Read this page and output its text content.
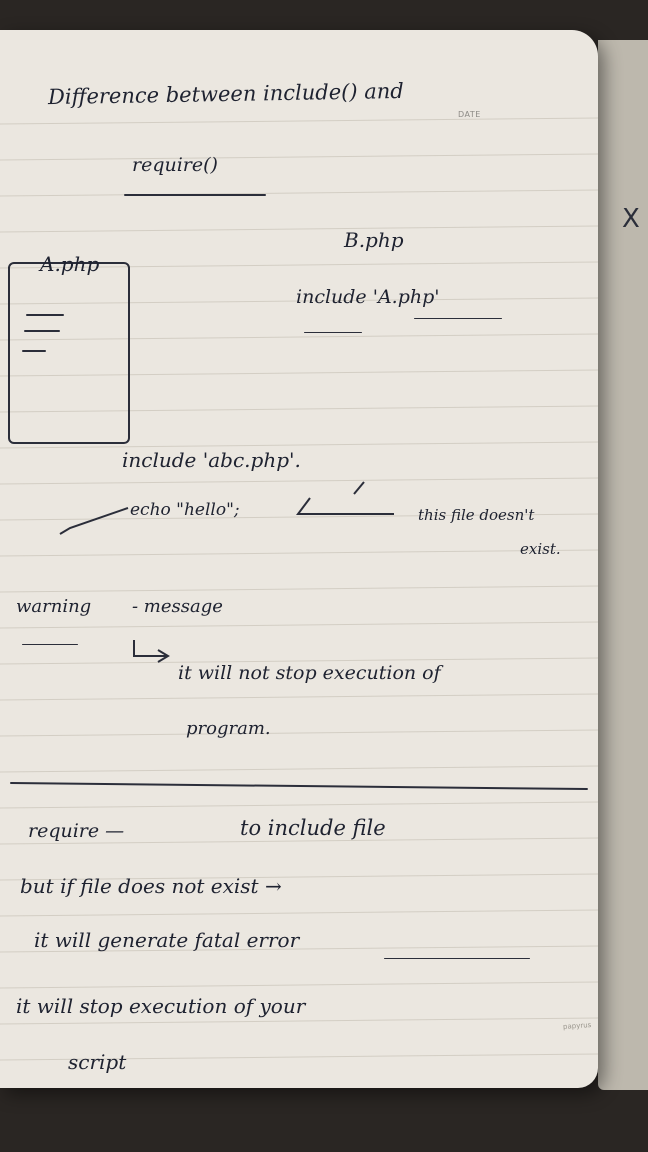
X
DATE
Difference between include() and
require()
A.php
B.php
include 'A.php'
include 'abc.php'.
echo "hello";	this file doesn't
exist.
warning - message
it will not stop execution of
program.
require —	to include file
but if file does not exist →
it will generate fatal error
it will stop execution of your
script
papyrus
